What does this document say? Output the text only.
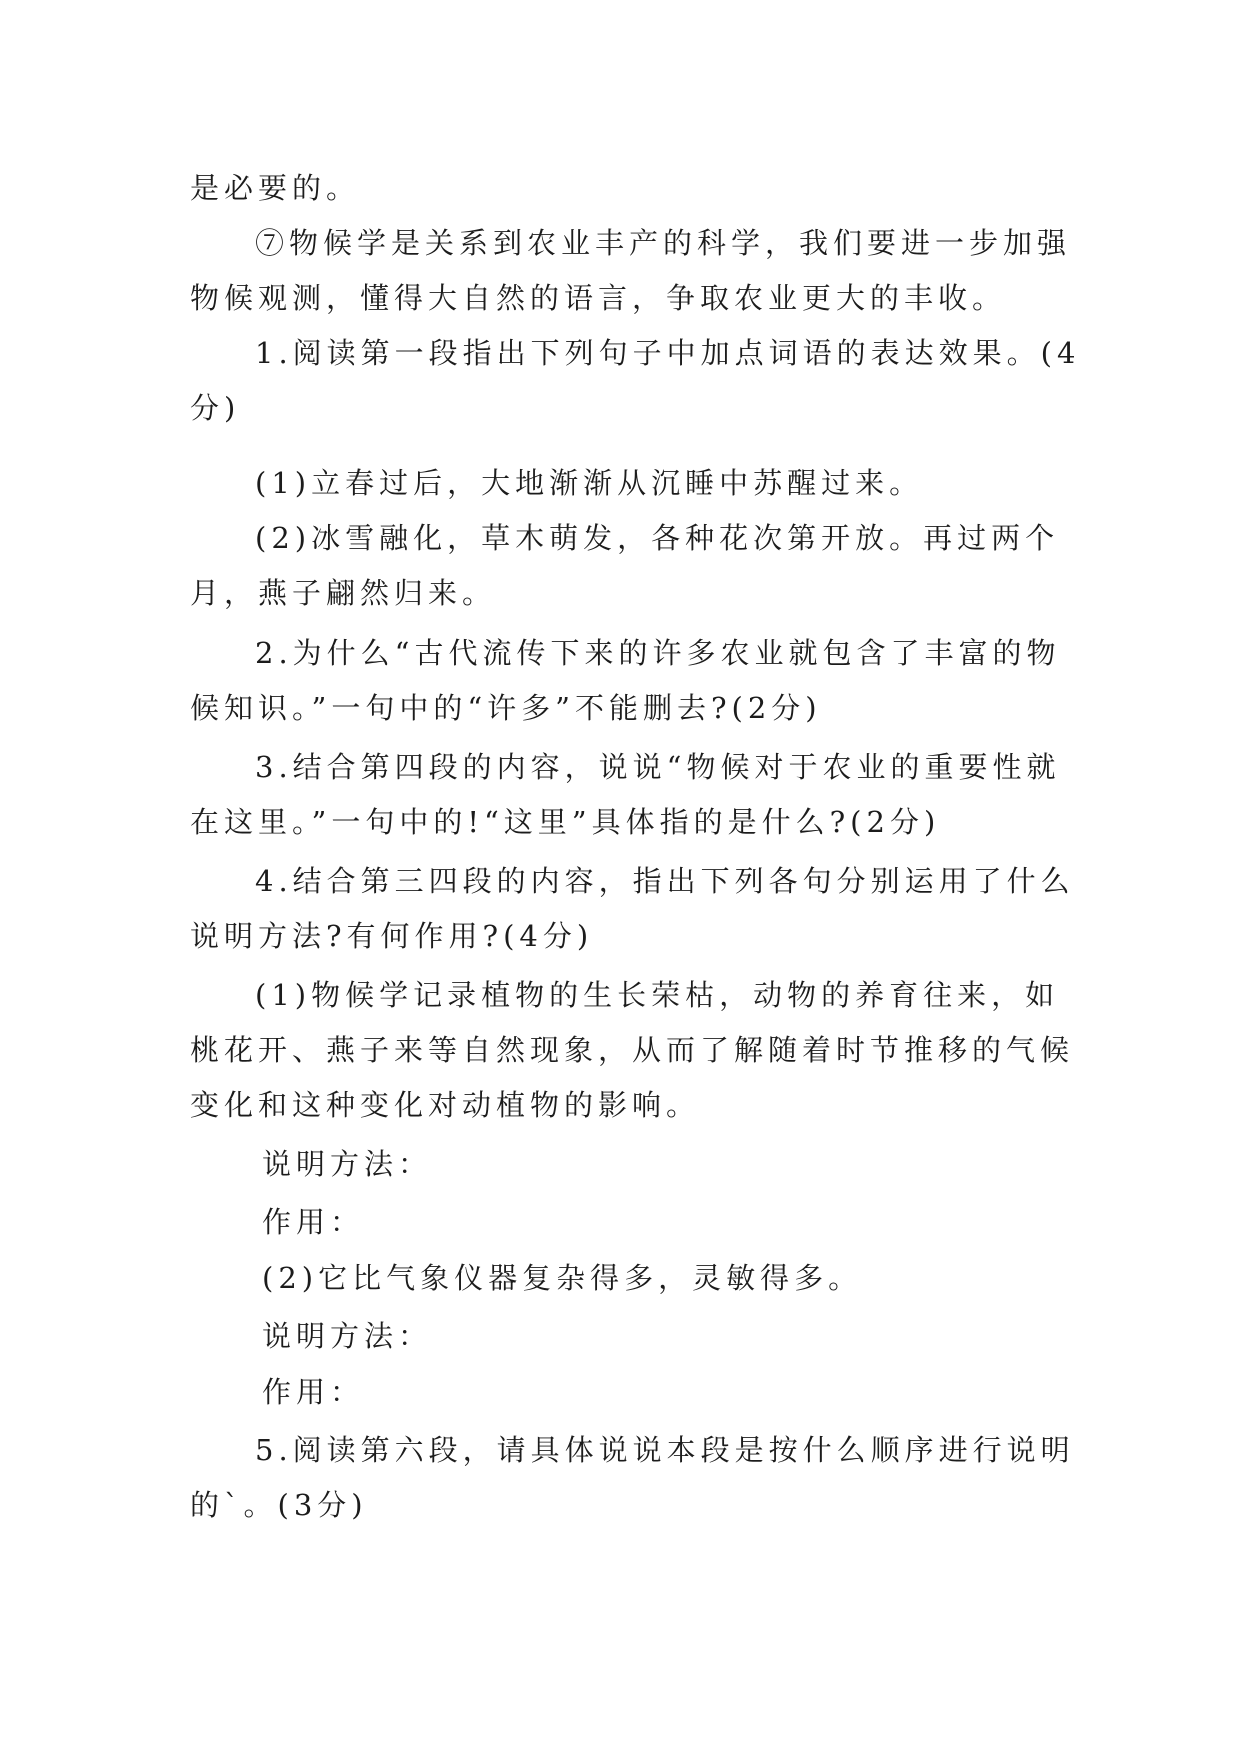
是必要的。
⑦物候学是关系到农业丰产的科学，我们要进一步加强
物候观测，懂得大自然的语言，争取农业更大的丰收。
1.阅读第一段指出下列句子中加点词语的表达效果。(4
分)
(1)立春过后，大地渐渐从沉睡中苏醒过来。
(2)冰雪融化，草木萌发，各种花次第开放。再过两个
月，燕子翩然归来。
2.为什么“古代流传下来的许多农业就包含了丰富的物
候知识。”一句中的“许多”不能删去?(2分)
3.结合第四段的内容，说说“物候对于农业的重要性就
在这里。”一句中的!“这里”具体指的是什么?(2分)
4.结合第三四段的内容，指出下列各句分别运用了什么
说明方法?有何作用?(4分)
(1)物候学记录植物的生长荣枯，动物的养育往来，如
桃花开、燕子来等自然现象，从而了解随着时节推移的气候
变化和这种变化对动植物的影响。
说明方法：
作用：
(2)它比气象仪器复杂得多，灵敏得多。
说明方法：
作用：
5.阅读第六段，请具体说说本段是按什么顺序进行说明
的`。(3分)
